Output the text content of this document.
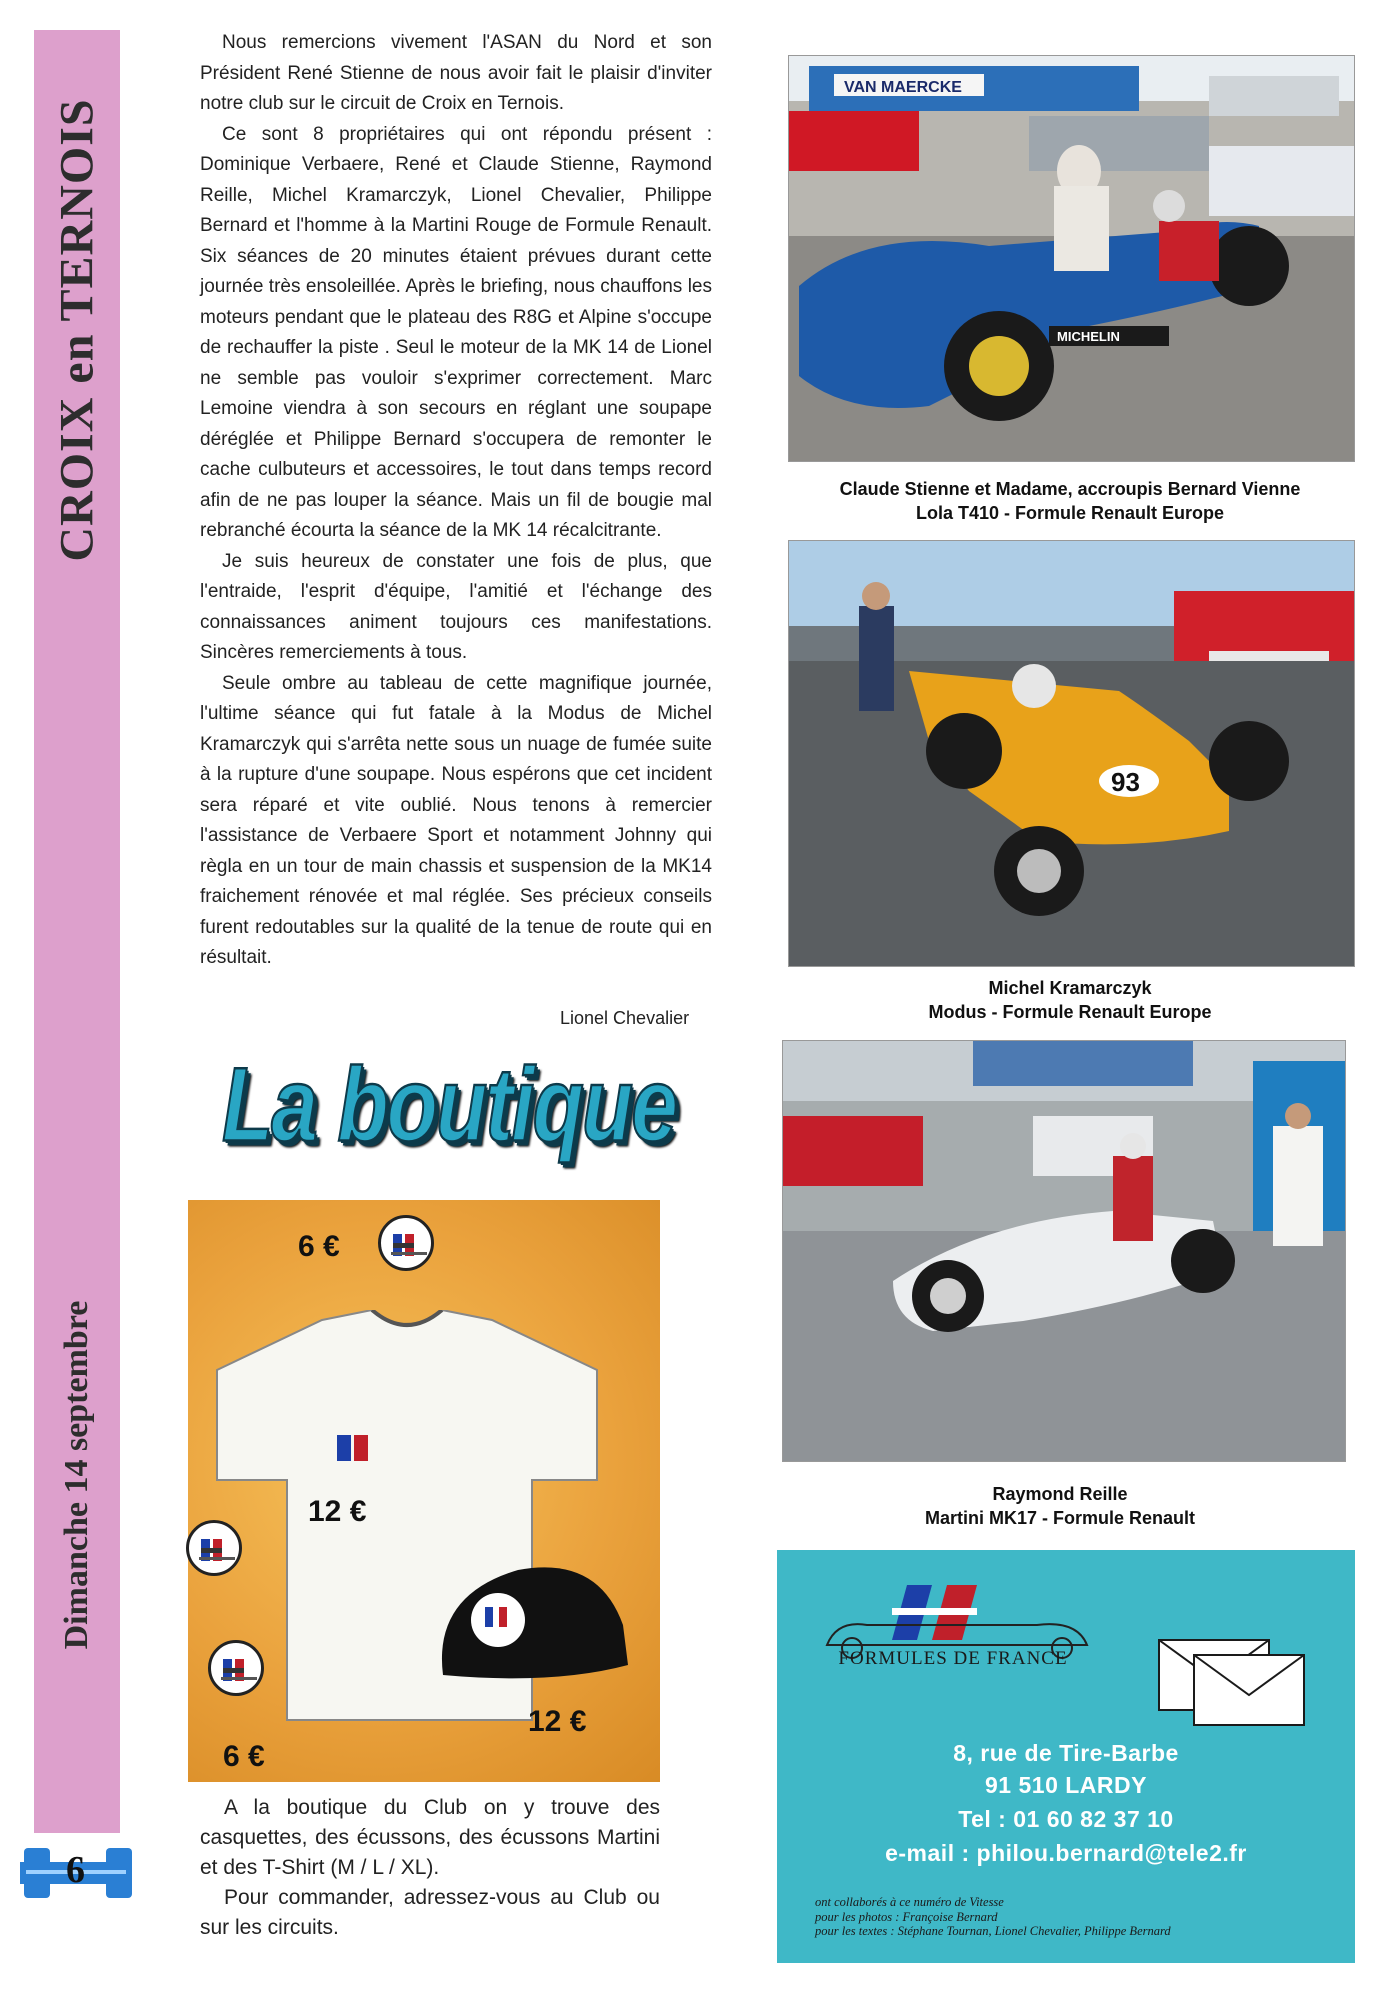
CROIX en TERNOIS
Dimanche 14 septembre
6

Nous remercions vivement l'ASAN du Nord et son Président René Stienne de nous avoir fait le plaisir d'inviter notre club sur le circuit de Croix en Ternois.

Ce sont 8 propriétaires qui ont répondu présent : Dominique Verbaere, René et Claude Stienne, Raymond Reille, Michel Kramarczyk, Lionel Chevalier, Philippe Bernard et l'homme à la Martini Rouge de Formule Renault. Six séances de 20 minutes étaient prévues durant cette journée très ensoleillée. Après le briefing, nous chauffons les moteurs pendant que le plateau des R8G et Alpine s'occupe de rechauffer la piste . Seul le moteur de la MK 14 de Lionel ne semble pas vouloir s'exprimer correctement. Marc Lemoine viendra à son secours en réglant une soupape déréglée et Philippe Bernard s'occupera de remonter le cache culbuteurs et accessoires, le tout dans temps record afin de ne pas louper la séance. Mais un fil de bougie mal rebranché écourta la séance de la MK 14 récalcitrante.

Je suis heureux de constater une fois de plus, que l'entraide, l'esprit d'équipe, l'amitié et l'échange des connaissances animent toujours ces manifestations. Sincères remerciements à tous.

Seule ombre au tableau de cette magnifique journée, l'ultime séance qui fut fatale à la Modus de Michel Kramarczyk qui s'arrêta nette sous un nuage de fumée suite à la rupture d'une soupape. Nous espérons que cet incident sera réparé et vite oublié. Nous tenons à remercier l'assistance de Verbaere Sport et notamment Johnny qui règla en un tour de main chassis et suspension de la MK14 fraichement rénovée et mal réglée. Ses précieux conseils furent redoutables sur la qualité de la tenue de route qui en résultait.

Lionel Chevalier
La boutique
6 €
12 €
12 €
6 €

A la boutique du Club on y trouve des casquettes, des écussons, des écussons Martini et des T-Shirt (M / L / XL).

Pour commander, adressez-vous au Club ou sur les circuits.

VAN MAERCKE
MICHELIN
Claude Stienne et Madame, accroupis Bernard Vienne
Lola T410 - Formule Renault Europe
93
Michel Kramarczyk
Modus - Formule Renault Europe
Raymond Reille
Martini MK17 - Formule Renault
FORMULES DE FRANCE
8, rue de Tire-Barbe
91 510 LARDY
Tel : 01 60 82 37 10
e-mail : philou.bernard@tele2.fr
ont collaborés à ce numéro de Vitesse
pour les photos : Françoise Bernard
pour les textes : Stéphane Tournan, Lionel Chevalier, Philippe Bernard
